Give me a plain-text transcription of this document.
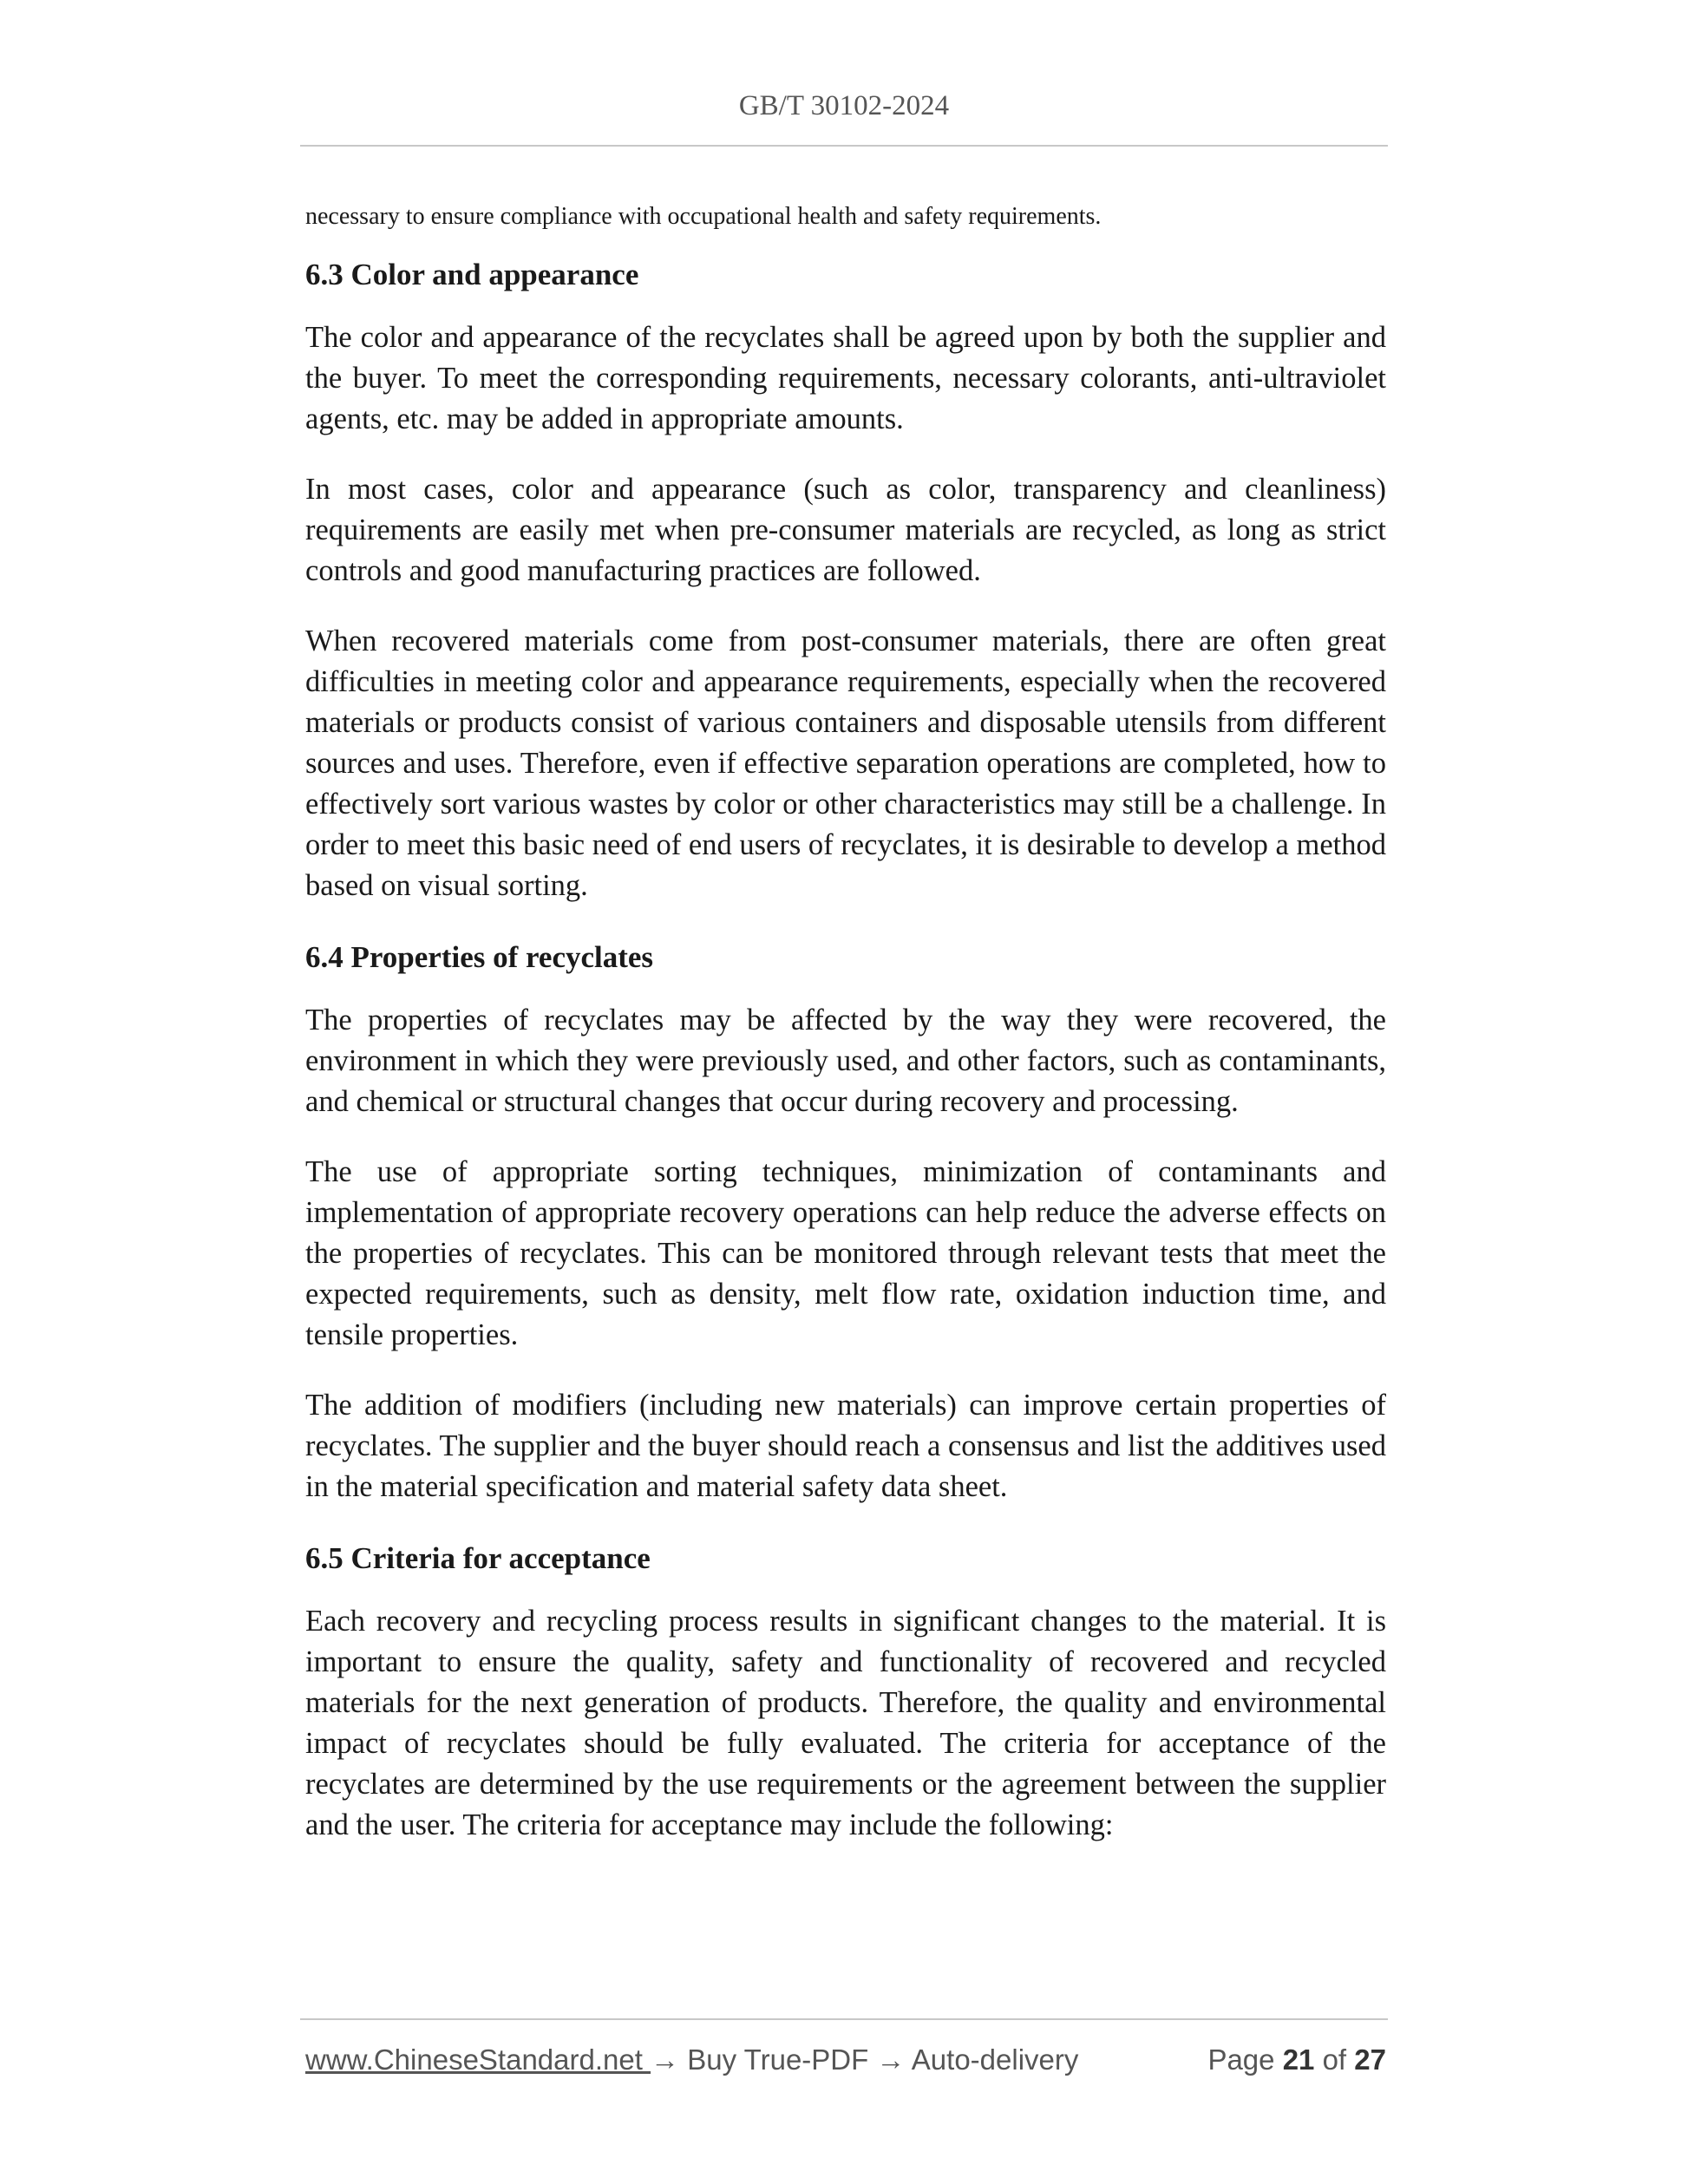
GB/T 30102-2024

necessary to ensure compliance with occupational health and safety requirements.

6.3 Color and appearance

The color and appearance of the recyclates shall be agreed upon by both the supplier and the buyer. To meet the corresponding requirements, necessary colorants, anti-ultraviolet agents, etc. may be added in appropriate amounts.

In most cases, color and appearance (such as color, transparency and cleanliness) requirements are easily met when pre-consumer materials are recycled, as long as strict controls and good manufacturing practices are followed.

When recovered materials come from post-consumer materials, there are often great difficulties in meeting color and appearance requirements, especially when the recovered materials or products consist of various containers and disposable utensils from different sources and uses. Therefore, even if effective separation operations are completed, how to effectively sort various wastes by color or other characteristics may still be a challenge. In order to meet this basic need of end users of recyclates, it is desirable to develop a method based on visual sorting.

6.4 Properties of recyclates

The properties of recyclates may be affected by the way they were recovered, the environment in which they were previously used, and other factors, such as contaminants, and chemical or structural changes that occur during recovery and processing.

The use of appropriate sorting techniques, minimization of contaminants and implementation of appropriate recovery operations can help reduce the adverse effects on the properties of recyclates. This can be monitored through relevant tests that meet the expected requirements, such as density, melt flow rate, oxidation induction time, and tensile properties.

The addition of modifiers (including new materials) can improve certain properties of recyclates. The supplier and the buyer should reach a consensus and list the additives used in the material specification and material safety data sheet.

6.5 Criteria for acceptance

Each recovery and recycling process results in significant changes to the material. It is important to ensure the quality, safety and functionality of recovered and recycled materials for the next generation of products. Therefore, the quality and environmental impact of recyclates should be fully evaluated. The criteria for acceptance of the recyclates are determined by the use requirements or the agreement between the supplier and the user. The criteria for acceptance may include the following:

www.ChineseStandard.net → Buy True-PDF → Auto-delivery	Page 21 of 27
